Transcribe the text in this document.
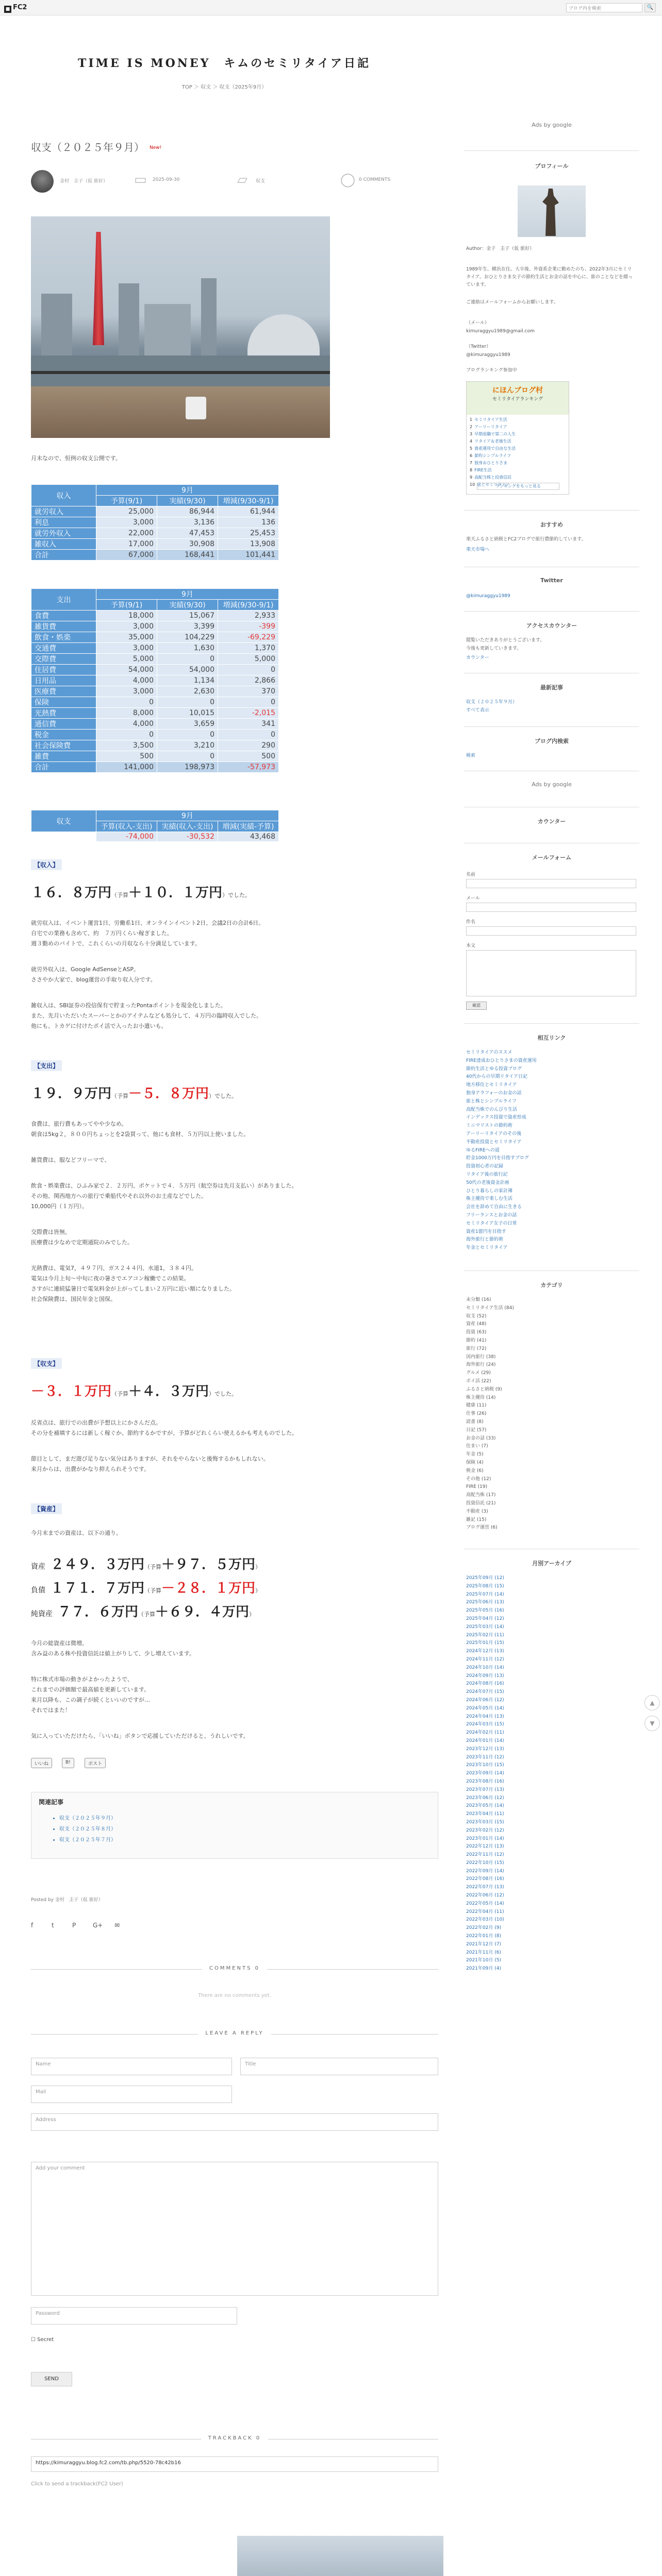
■ FC2	ブログ内を検索	🔍
TIME IS MONEY　キムのセミリタイア日記
TOP ＞ 収支 ＞ 収支（2025年9月）
収支（２０２５年９月） $^{New!}$
金村　圭子（仮 旅好） ▭ 2025-09-30	▱ 収支	◯ 0 COMMENTS
月末なので、恒例の収支公開です。
収入	9月		
	予算(9/1)	実績(9/30)	増減(9/30-9/1)
就労収入	25,000	86,944	61,944
利息	3,000	3,136	136
就労外収入	22,000	47,453	25,453
雑収入	17,000	30,908	13,908
合計	67,000	168,441	101,441
支出	9月		
	予算(9/1)	実績(9/30)	増減(9/30-9/1)
食費	18,000	15,067	2,933
雑貨費	3,000	3,399	-399
飲食・娯楽	35,000	104,229	-69,229
交通費	3,000	1,630	1,370
交際費	5,000	0	5,000
住居費	54,000	54,000	0
日用品	4,000	1,134	2,866
医療費	3,000	2,630	370
保険	0	0	0
光熱費	8,000	10,015	-2,015
通信費	4,000	3,659	341
税金	0	0	0
社会保険費	3,500	3,210	290
雑費	500	0	500
合計	141,000	198,973	-57,973
収支	9月		
	予算(収入-支出)	実績(収入-支出)	増減(実績-予算)
	-74,000	-30,532	43,468
【収入】
１６．８万円（予算＋１０．１万円）でした。
就労収入は、イベント運営1日、労働系1日、オンラインイベント2日、会議2日の合計6日。
自宅での業務も含めて、約　７万円くらい稼ぎました。
週３勤めのバイトで、これくらいの月収なら十分満足しています。
就労外収入は、Google AdSenseとASP。
ささやか大家で、blog運営の手取り収入分です。
雑収入は、SBI証券の投信保有で貯まったPontaポイントを現金化しました。
また、先月いただいたスーパーとかのアイテムなども処分して、４万円の臨時収入でした。
他にも、トカゲに付けたポイ活で入ったお小遣いも。
【支出】
１９．９万円（予算－５．８万円）でした。
食費は、旅行費もあってやや少なめ。
朝食は5kg２，８００円ちょっとを2袋買って、他にも食材、５万円以上使いました。
雑貨費は、服などフリーマで、
飲食・娯楽費は、ひふみ家で２．２万円、ポケットで４．５万円（航空券は先月支払い）がありました。
その他、関西地方への旅行で乗船代やそれ以外のお土産などでした。
10,000円（１万円）。
交際費は皆無。
医療費は少なめで定期通院のみでした。
光熱費は、電気7，４９７円、ガス２４４円、水道1，３８４円。
電気は今月上旬〜中旬に夜の暑さでエアコン稼働でこの結果。
さすがに連続猛暑日で電気料金が上がってしまい２万円に近い額になりました。
社会保険費は、国民年金と国保。
【収支】
－３．１万円（予算＋４．３万円）でした。
反省点は、旅行での出費が予想以上にかさんだ点。
その分を補填するには新しく稼ぐか、節約するかですが、予算がどれくらい使えるかも考えものでした。
節目として、まだ遊び足りない気分はありますが、それをやらないと後悔するかもしれない。
来月からは、出費がかなり抑えられそうです。
【資産】
今月末までの資産は、以下の通り。
資産 ２４９．３万円（予算＋９７．５万円）
負債 １７１．７万円（予算－２８．１万円）
純資産 ７７．６万円（予算＋６９．４万円）
今月の総資産は微増。
含み益のある株や投資信託は値上がりして、少し増えています。
特に株式市場の動きがよかったようで、
これまでの評価額で最高値を更新しています。
来月以降も、この調子が続くといいのですが…
それではまた！
気に入っていただけたら、「いいね」ボタンで応援していただけると、うれしいです。
いいね	B!	ポスト
関連記事
• 収支（２０２５年９月）
• 収支（２０２５年８月）
• 収支（２０２５年７月）
Posted by 金村　圭子（仮 旅好）
f	t	P	G+ ✉
COMMENTS 0
There are no comments yet.
LEAVE A REPLY
Name	Title
Mail
Address
Add your comment
Password
☐ Secret
SEND
TRACKBACK 0
https://kimuraggyu.blog.fc2.com/tb.php/5520-78c42b16
Click to send a trackback(FC2 User)
Ads by google
プロフィール
Author：金子　圭子（仮 旅好）
1989年生、横浜在住。大卒後、外資系企業に勤めたのち、2022年3月にセミリタイア。おひとりさま女子の節約生活とお金の話を中心に、旅のことなどを綴っています。
ご連絡はメールフォームからお願いします。
（メール）
kimuraggyu1989@gmail.com
（Twitter）
@kimuraggyu1989
ブログランキング参加中
にほんブログ村
セミリタイアランキング
1 セミリタイア生活
2 アーリーリタイア
3 早期退職で第二の人生
4 リタイア＆老後生活
5 資産運用で自由な生活
6 節約シンプルライフ
7 独身おひとりさま
8 FIRE生活
9 高配当株と投資信託
10 旅とセミリタイア
ランキングをもっと見る
おすすめ
楽天ふるさと納税とFC2ブログで旅行費節約しています。
楽天市場へ
Twitter
@kimuraggyu1989
アクセスカウンター
閲覧いただきありがとうございます。
今後も更新していきます。
カウンター
最新記事
収支（２０２５年９月）
すべて表示
ブログ内検索
検索
Ads by google
カウンター
メールフォーム
名前
メール
件名
本文
確認
相互リンク
セミリタイアのススメ
FIRE達成おひとりさまの資産運用
節約生活とゆる投資ブログ
40代からの早期リタイア日記
地方移住とセミリタイア
独身アラフォーのお金の話
旅と株とシンプルライフ
高配当株でのんびり生活
インデックス投資で資産形成
ミニマリストの節約術
アーリーリタイアのその後
不動産投資とセミリタイア
ゆるFIREへの道
貯金1000万円を目指すブログ
投資初心者の記録
リタイア後の旅行記
50代の老後資金計画
ひとり暮らしの家計簿
株主優待で楽しむ生活
会社を辞めて自由に生きる
フリーランスとお金の話
セミリタイア女子の日常
資産1億円を目指す
海外旅行と節約術
年金とセミリタイア
カテゴリ
未分類 (16)
セミリタイア生活 (84)
収支 (52)
資産 (48)
投資 (63)
節約 (41)
旅行 (72)
国内旅行 (38)
海外旅行 (24)
グルメ (29)
ポイ活 (22)
ふるさと納税 (9)
株主優待 (14)
健康 (11)
仕事 (26)
読書 (8)
日記 (57)
お金の話 (33)
住まい (7)
年金 (5)
保険 (4)
税金 (6)
その他 (12)
FIRE (19)
高配当株 (17)
投資信託 (21)
不動産 (3)
雑記 (15)
ブログ運営 (6)
月別アーカイブ
2025年09月 (12)
2025年08月 (15)
2025年07月 (14)
2025年06月 (13)
2025年05月 (16)
2025年04月 (12)
2025年03月 (14)
2025年02月 (11)
2025年01月 (15)
2024年12月 (13)
2024年11月 (12)
2024年10月 (14)
2024年09月 (13)
2024年08月 (16)
2024年07月 (15)
2024年06月 (12)
2024年05月 (14)
2024年04月 (13)
2024年03月 (15)
2024年02月 (11)
2024年01月 (14)
2023年12月 (13)
2023年11月 (12)
2023年10月 (15)
2023年09月 (14)
2023年08月 (16)
2023年07月 (13)
2023年06月 (12)
2023年05月 (14)
2023年04月 (11)
2023年03月 (15)
2023年02月 (12)
2023年01月 (14)
2022年12月 (13)
2022年11月 (12)
2022年10月 (15)
2022年09月 (14)
2022年08月 (16)
2022年07月 (13)
2022年06月 (12)
2022年05月 (14)
2022年04月 (11)
2022年03月 (10)
2022年02月 (9)
2022年01月 (8)
2021年12月 (7)
2021年11月 (6)
2021年10月 (5)
2021年09月 (4)
▲
▼
